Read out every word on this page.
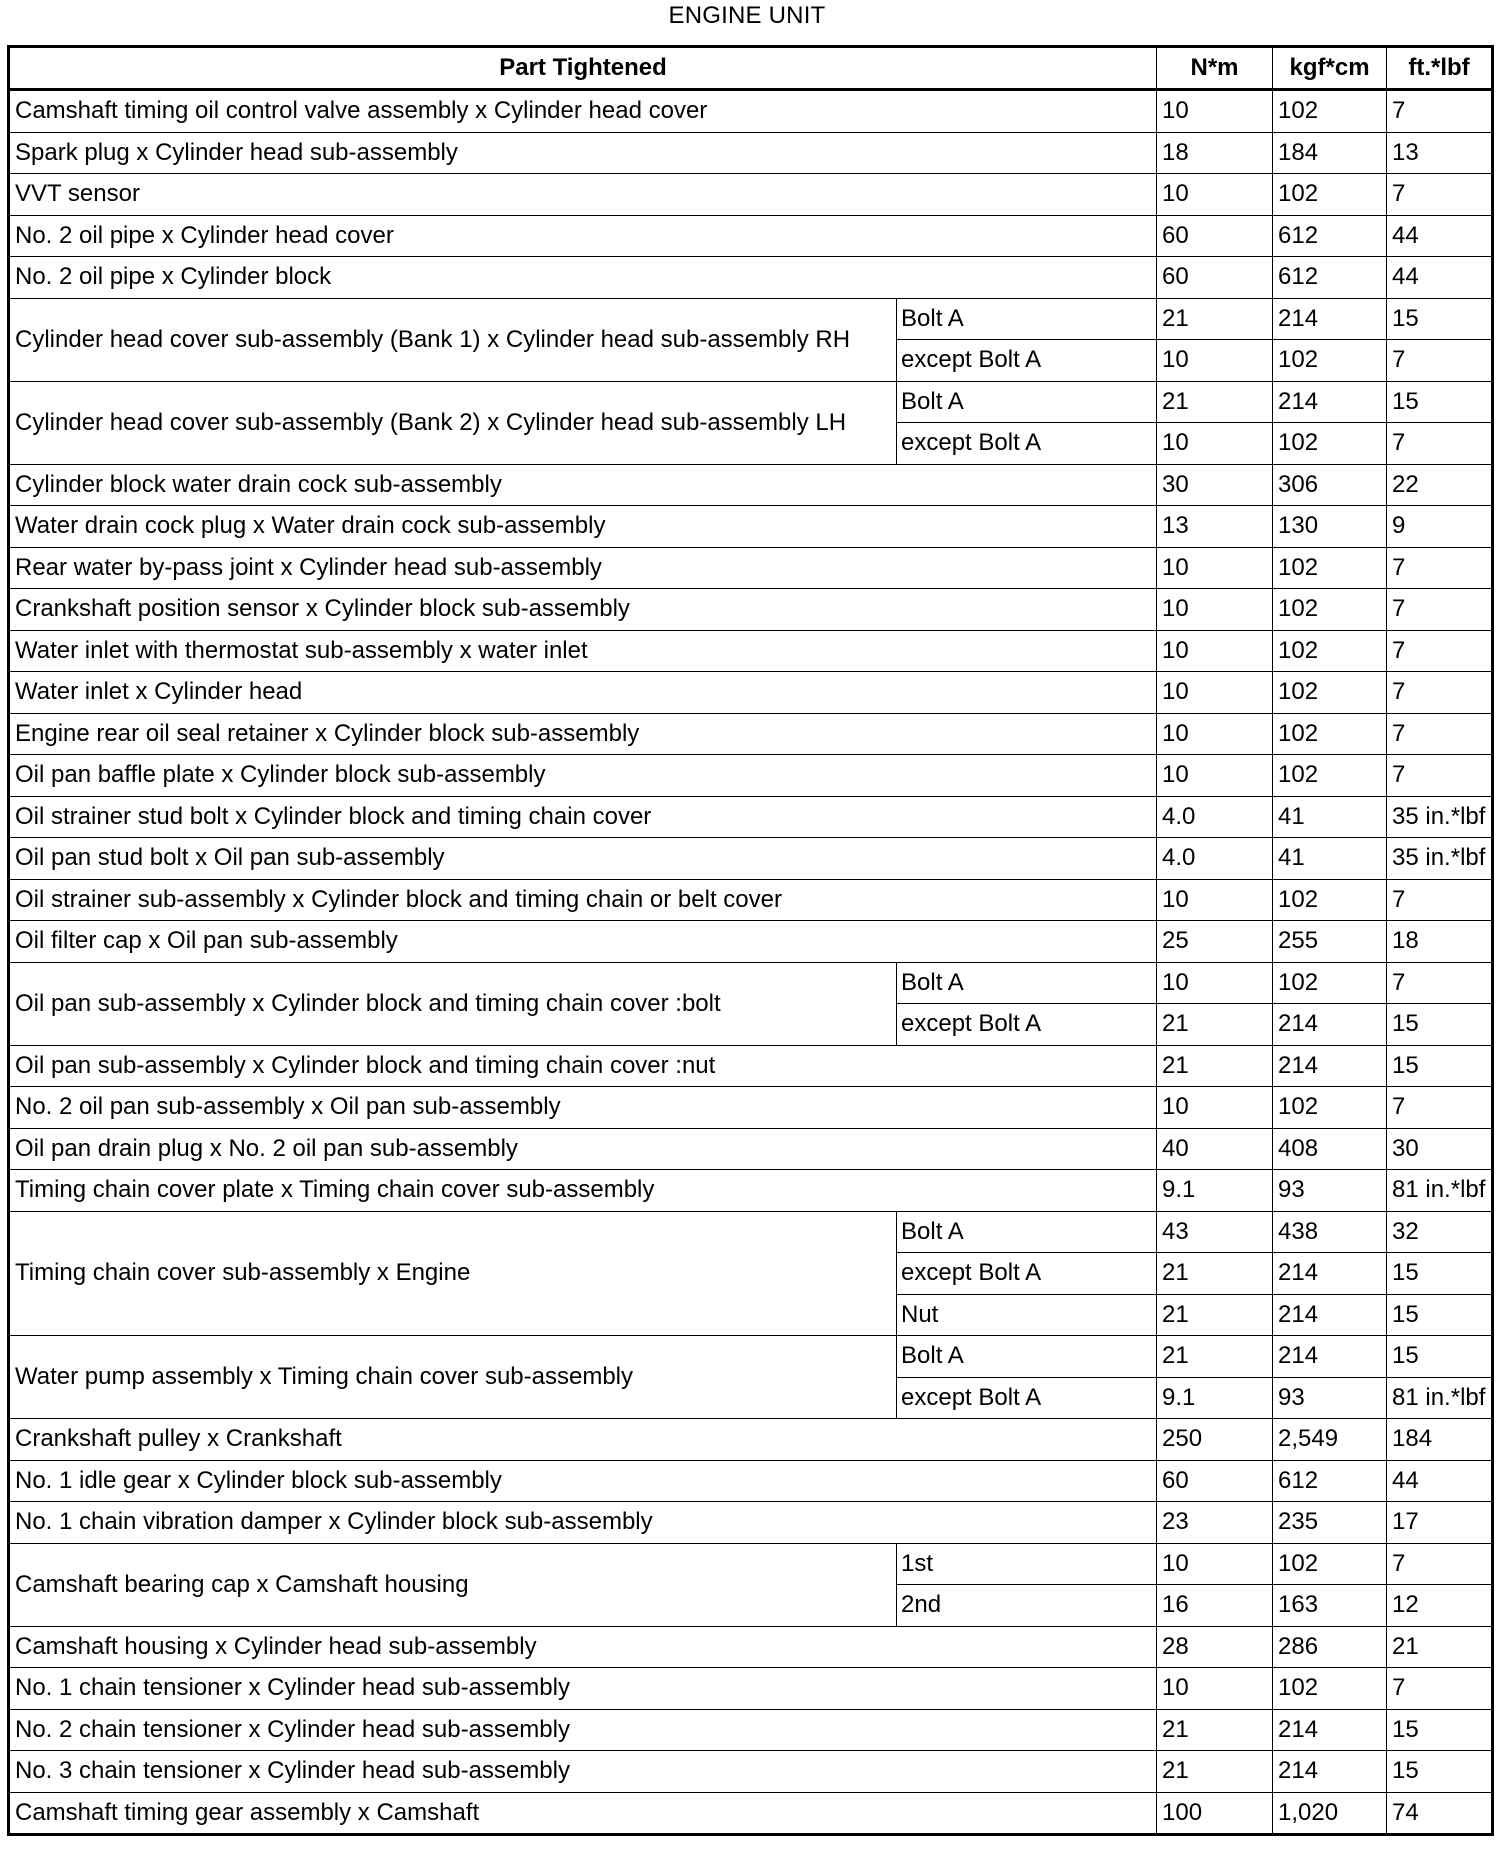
ENGINE UNIT
Part Tightened		N*m	kgf*cm	ft.*lbf
Camshaft timing oil control valve assembly x Cylinder head cover		10	102	7
Spark plug x Cylinder head sub-assembly		18	184	13
VVT sensor		10	102	7
No. 2 oil pipe x Cylinder head cover		60	612	44
No. 2 oil pipe x Cylinder block		60	612	44
Cylinder head cover sub-assembly (Bank 1) x Cylinder head sub-assembly RH	Bolt A	21	214	15
	except Bolt A	10	102	7
Cylinder head cover sub-assembly (Bank 2) x Cylinder head sub-assembly LH	Bolt A	21	214	15
	except Bolt A	10	102	7
Cylinder block water drain cock sub-assembly		30	306	22
Water drain cock plug x Water drain cock sub-assembly		13	130	9
Rear water by-pass joint x Cylinder head sub-assembly		10	102	7
Crankshaft position sensor x Cylinder block sub-assembly		10	102	7
Water inlet with thermostat sub-assembly x water inlet		10	102	7
Water inlet x Cylinder head		10	102	7
Engine rear oil seal retainer x Cylinder block sub-assembly		10	102	7
Oil pan baffle plate x Cylinder block sub-assembly		10	102	7
Oil strainer stud bolt x Cylinder block and timing chain cover		4.0	41	35 in.*lbf
Oil pan stud bolt x Oil pan sub-assembly		4.0	41	35 in.*lbf
Oil strainer sub-assembly x Cylinder block and timing chain or belt cover		10	102	7
Oil filter cap x Oil pan sub-assembly		25	255	18
Oil pan sub-assembly x Cylinder block and timing chain cover :bolt	Bolt A	10	102	7
	except Bolt A	21	214	15
Oil pan sub-assembly x Cylinder block and timing chain cover :nut		21	214	15
No. 2 oil pan sub-assembly x Oil pan sub-assembly		10	102	7
Oil pan drain plug x No. 2 oil pan sub-assembly		40	408	30
Timing chain cover plate x Timing chain cover sub-assembly		9.1	93	81 in.*lbf
Timing chain cover sub-assembly x Engine	Bolt A	43	438	32
	except Bolt A	21	214	15
	Nut	21	214	15
Water pump assembly x Timing chain cover sub-assembly	Bolt A	21	214	15
	except Bolt A	9.1	93	81 in.*lbf
Crankshaft pulley x Crankshaft		250	2,549	184
No. 1 idle gear x Cylinder block sub-assembly		60	612	44
No. 1 chain vibration damper x Cylinder block sub-assembly		23	235	17
Camshaft bearing cap x Camshaft housing	1st	10	102	7
	2nd	16	163	12
Camshaft housing x Cylinder head sub-assembly		28	286	21
No. 1 chain tensioner x Cylinder head sub-assembly		10	102	7
No. 2 chain tensioner x Cylinder head sub-assembly		21	214	15
No. 3 chain tensioner x Cylinder head sub-assembly		21	214	15
Camshaft timing gear assembly x Camshaft		100	1,020	74
